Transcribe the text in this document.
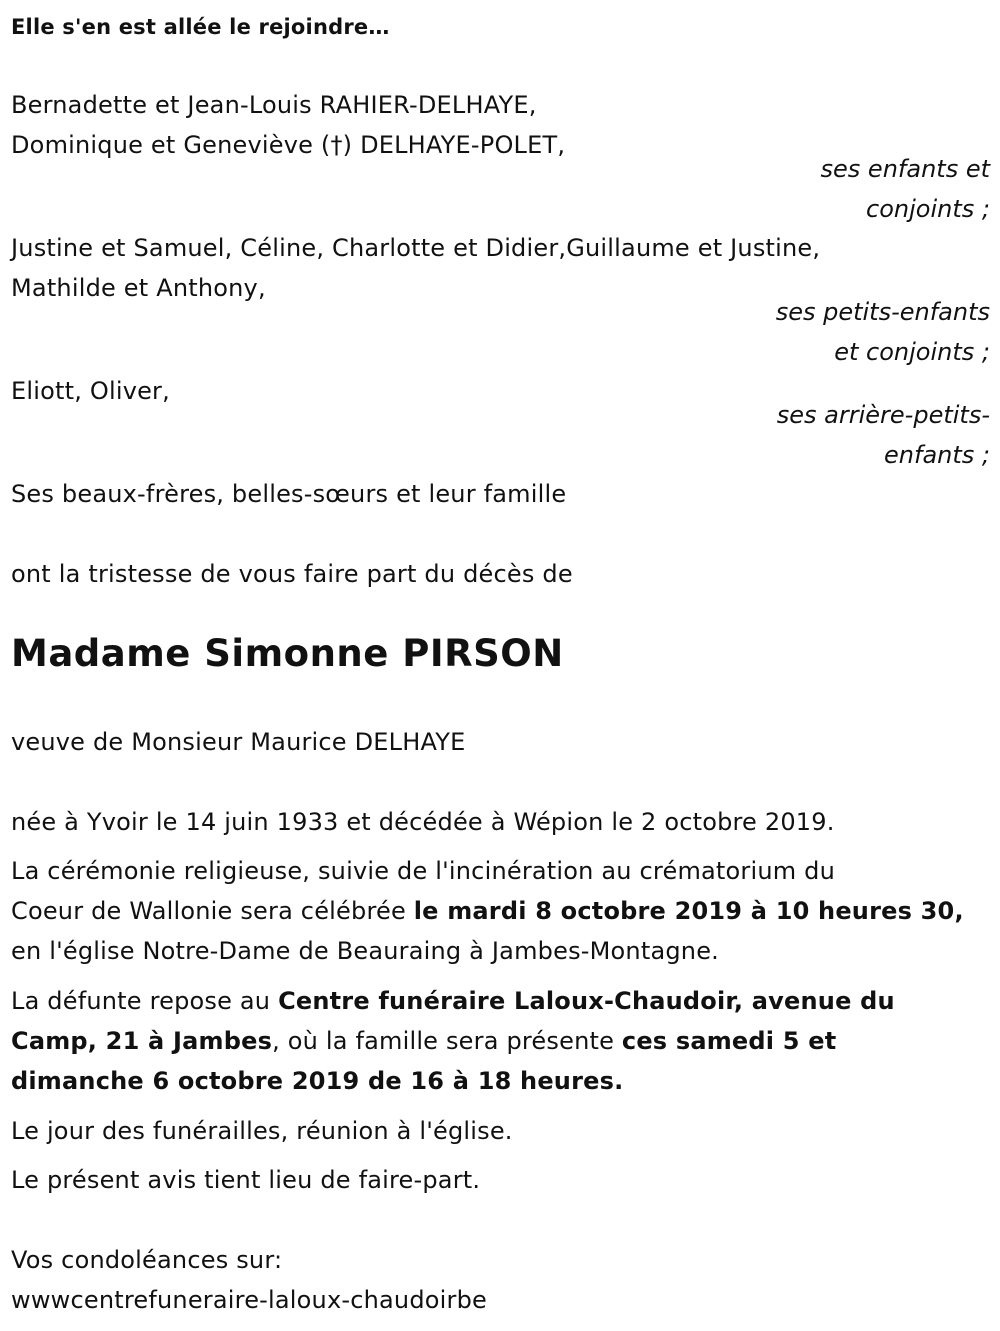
Elle s'en est allée le rejoindre…
Bernadette et Jean-Louis RAHIER-DELHAYE,
Dominique et Geneviève (†) DELHAYE-POLET,
ses enfants et
conjoints ;
Justine et Samuel, Céline, Charlotte et Didier,Guillaume et Justine,
Mathilde et Anthony,
ses petits-enfants
et conjoints ;
Eliott, Oliver,
ses arrière-petits-
enfants ;
Ses beaux-frères, belles-sœurs et leur famille
ont la tristesse de vous faire part du décès de
Madame Simonne PIRSON
veuve de Monsieur Maurice DELHAYE
née à Yvoir le 14 juin 1933 et décédée à Wépion le 2 octobre 2019.
La cérémonie religieuse, suivie de l'incinération au crématorium du
Coeur de Wallonie sera célébrée le mardi 8 octobre 2019 à 10 heures 30,
en l'église Notre-Dame de Beauraing à Jambes-Montagne.
La défunte repose au Centre funéraire Laloux-Chaudoir, avenue du
Camp, 21 à Jambes, où la famille sera présente ces samedi 5 et
dimanche 6 octobre 2019 de 16 à 18 heures.
Le jour des funérailles, réunion à l'église.
Le présent avis tient lieu de faire-part.
Vos condoléances sur:
wwwcentrefuneraire-laloux-chaudoirbe
